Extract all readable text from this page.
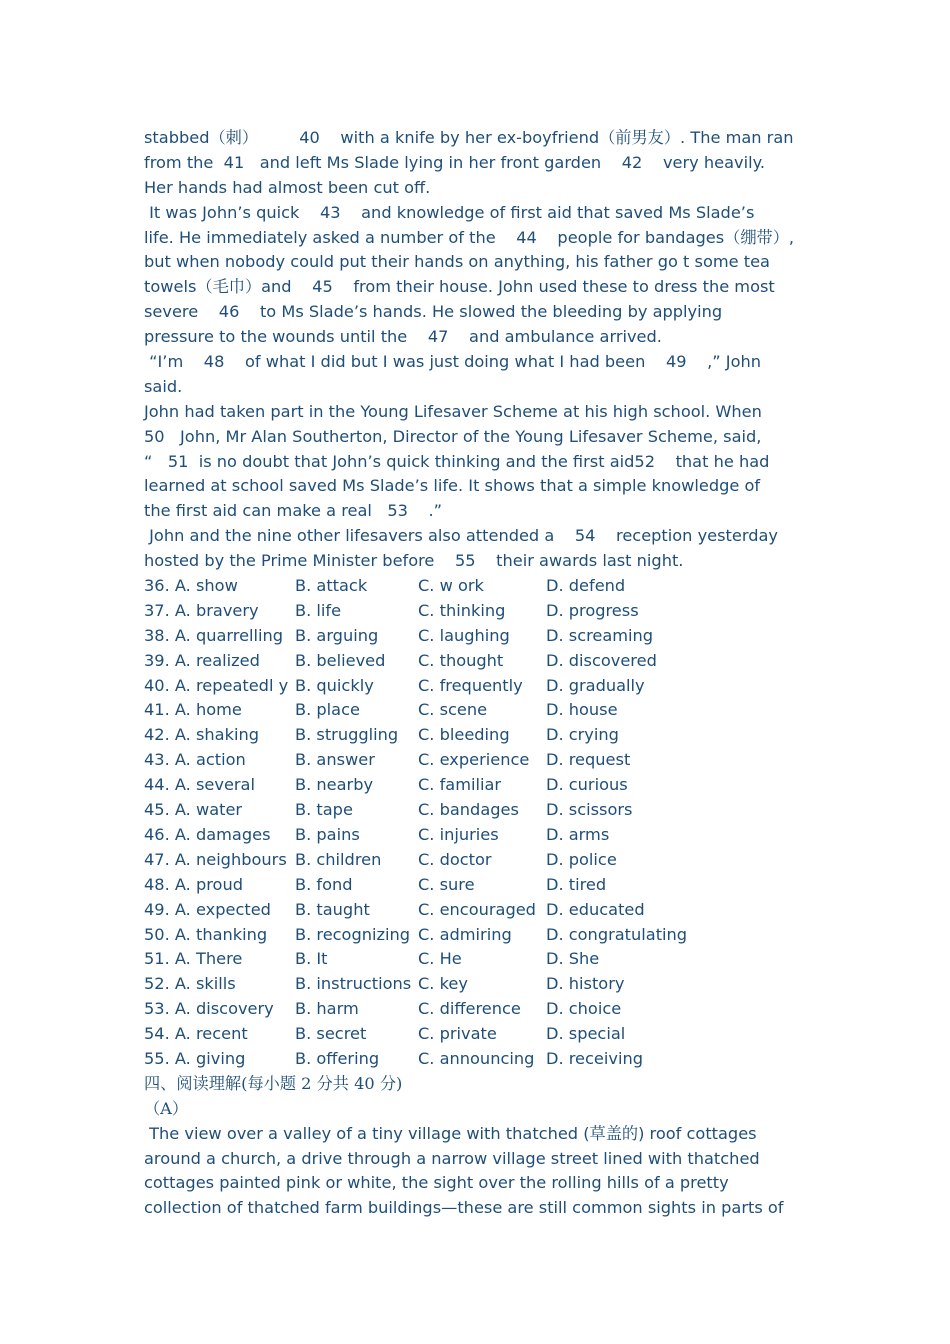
stabbed（刺）        40    with a knife by her ex-boyfriend（前男友）. The man ran
from the  41   and left Ms Slade lying in her front garden    42    very heavily.
Her hands had almost been cut off.
It was John’s quick    43    and knowledge of first aid that saved Ms Slade’s
life. He immediately asked a number of the    44    people for bandages（绷带）,
but when nobody could put their hands on anything, his father go t some tea
towels（毛巾）and    45    from their house. John used these to dress the most
severe    46    to Ms Slade’s hands. He slowed the bleeding by applying
pressure to the wounds until the    47    and ambulance arrived.
“I’m    48    of what I did but I was just doing what I had been    49    ,” John
said.
John had taken part in the Young Lifesaver Scheme at his high school. When
50   John, Mr Alan Southerton, Director of the Young Lifesaver Scheme, said,
“   51  is no doubt that John’s quick thinking and the first aid52    that he had
learned at school saved Ms Slade’s life. It shows that a simple knowledge of
the first aid can make a real   53    .”
John and the nine other lifesavers also attended a    54    reception yesterday
hosted by the Prime Minister before    55    their awards last night.
36. A. show	B. attack	C. w ork	D. defend
37. A. bravery	B. life	C. thinking	D. progress
38. A. quarrelling B. arguing	C. laughing	D. screaming
39. A. realized	B. believed	C. thought	D. discovered
40. A. repeatedl y B. quickly	C. frequently	D. gradually
41. A. home	B. place	C. scene	D. house
42. A. shaking	B. struggling	C. bleeding	D. crying
43. A. action	B. answer	C. experience	D. request
44. A. several	B. nearby	C. familiar	D. curious
45. A. water	B. tape	C. bandages	D. scissors
46. A. damages	B. pains	C. injuries	D. arms
47. A. neighbours B. children	C. doctor	D. police
48. A. proud	B. fond	C. sure	D. tired
49. A. expected	B. taught	C. encouraged D. educated
50. A. thanking	B. recognizing C. admiring	D. congratulating
51. A. There	B. It	C. He	D. She
52. A. skills	B. instructions C. key	D. history
53. A. discovery	B. harm	C. difference	D. choice
54. A. recent	B. secret	C. private	D. special
55. A. giving	B. offering	C. announcing D. receiving
四、阅读理解(每小题 2 分共 40 分)
（A）
The view over a valley of a tiny village with thatched (草盖的) roof cottages
around a church, a drive through a narrow village street lined with thatched
cottages painted pink or white, the sight over the rolling hills of a pretty
collection of thatched farm buildings—these are still common sights in parts of
